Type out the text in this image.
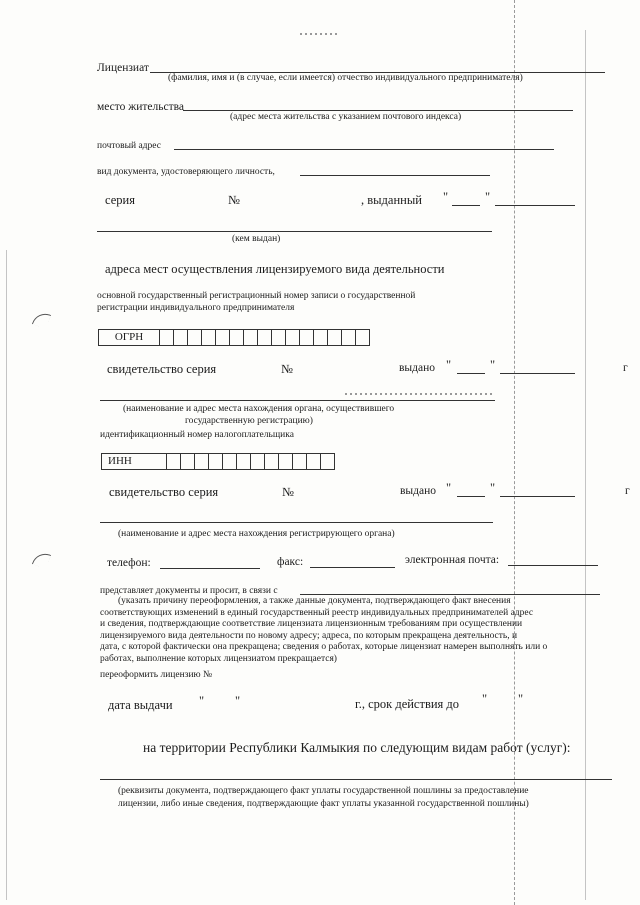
Лицензиат
(фамилия, имя и (в случае, если имеется) отчество индивидуального предпринимателя)
место жительства
(адрес места жительства с указанием почтового индекса)
почтовый адрес
вид документа, удостоверяющего личность,
серия	№	, выданный "	"
(кем выдан)
адреса мест осуществления лицензируемого вида деятельности
основной государственный регистрационный номер записи о государственной
регистрации индивидуального предпринимателя
ОГРН
свидетельство серия	№	выдано "	"	г
(наименование и адрес места нахождения органа, осуществившего
государственную регистрацию)
идентификационный номер налогоплательщика
ИНН
свидетельство серия	№	выдано "	"	г
(наименование и адрес места нахождения регистрирующего органа)
телефон:	факс:	электронная почта:
представляет документы и просит, в связи с
(указать причину переоформления, а также данные документа, подтверждающего факт внесения
соответствующих изменений в единый государственный реестр индивидуальных предпринимателей адрес
и сведения, подтверждающие соответствие лицензиата лицензионным требованиям при осуществлении
лицензируемого вида деятельности по новому адресу; адреса, по которым прекращена деятельность, и
дата, с которой фактически она прекращена; сведения о работах, которые лицензиат намерен выполнять или о
работах, выполнение которых лицензиатом прекращается)
переоформить лицензию №
дата выдачи " "	г., срок действия до " "
на территории Республики Калмыкия по следующим видам работ (услуг):
(реквизиты документа, подтверждающего факт уплаты государственной пошлины за предоставление
лицензии, либо иные сведения, подтверждающие факт уплаты указанной государственной пошлины)
